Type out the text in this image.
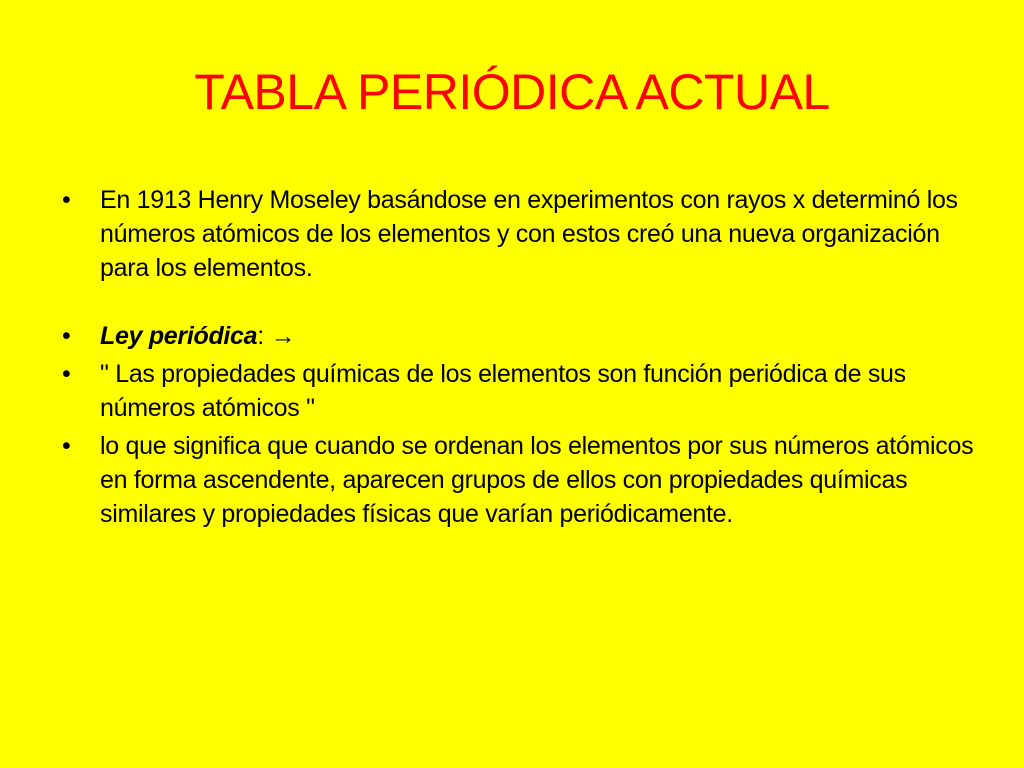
TABLA PERIÓDICA ACTUAL
• En 1913 Henry Moseley basándose en experimentos con rayos x determinó los números atómicos de los elementos y con estos creó una nueva organización para los elementos.
• Ley periódica: →
• " Las propiedades químicas de los elementos son función periódica de sus números atómicos "
• lo que significa que cuando se ordenan los elementos por sus números atómicos en forma ascendente, aparecen grupos de ellos con propiedades químicas similares y propiedades físicas que varían periódicamente.
